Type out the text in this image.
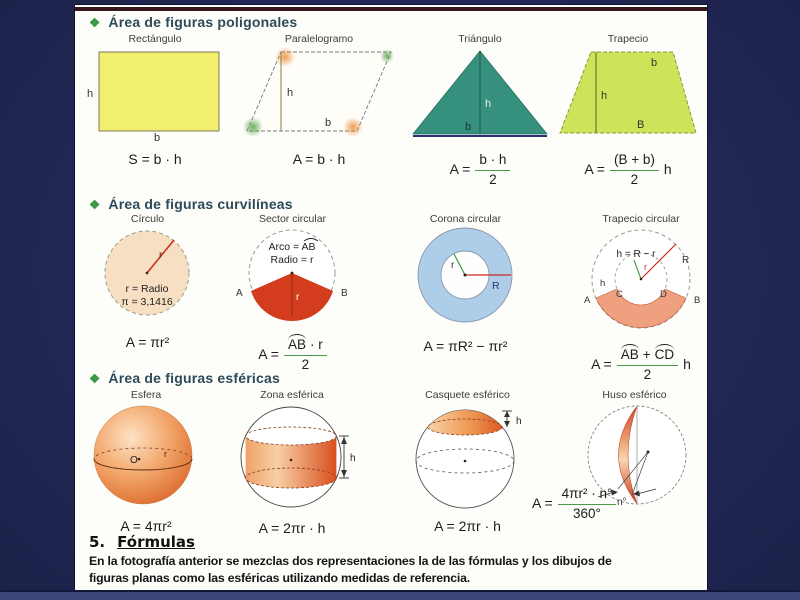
❖ Área de figuras poligonales
Rectángulo
h
b
S = b · h
Paralelogramo
h
b
A = b · h
Triángulo
h
b
$A = \frac{b \cdot h}{2}$
Trapecio
b
h
B
$A = \frac{(B + b)}{2}$ h
❖ Área de figuras curvilíneas
Círculo
r
r = Radio
π = 3,1416
A = πr²
Sector circular
Arco = AB
Radio = r
r
A	B
$A = \frac{AB \cdot r}{2}$
Corona circular
r
R
A = πR² − πr²
Trapecio circular
h = R − r
r
R
h
C	D
A	B
$A = \frac{AB + CD}{2}$ h
❖ Área de figuras esféricas
Esfera
O
r
A = 4πr²
Zona esférica
h
A = 2πr · h
Casquete esférico
h
A = 2πr · h
Huso esférico
n°
$A = \frac{\text{4πr² · n°}}{360^\circ}$
5. Fórmulas
En la fotografía anterior se mezclas dos representaciones la de las fórmulas y los dibujos de
figuras planas como las esféricas utilizando medidas de referencia.
